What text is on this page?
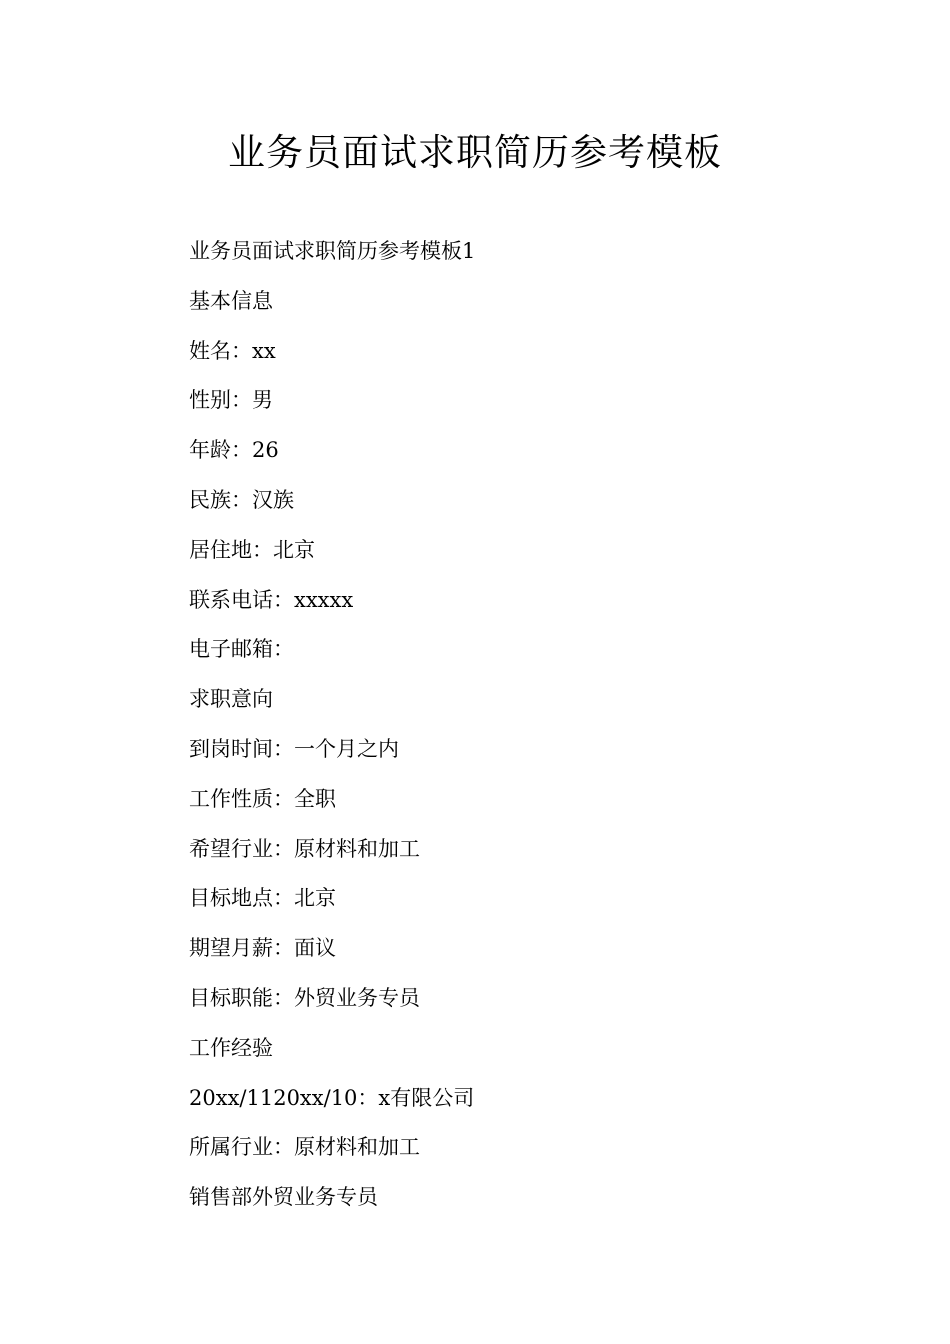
业务员面试求职简历参考模板
业务员面试求职简历参考模板1
基本信息
姓名：xx
性别：男
年龄：26
民族：汉族
居住地：北京
联系电话：xxxxx
电子邮箱：
求职意向
到岗时间：一个月之内
工作性质：全职
希望行业：原材料和加工
目标地点：北京
期望月薪：面议
目标职能：外贸业务专员
工作经验
20xx/1120xx/10：x有限公司
所属行业：原材料和加工
销售部外贸业务专员
